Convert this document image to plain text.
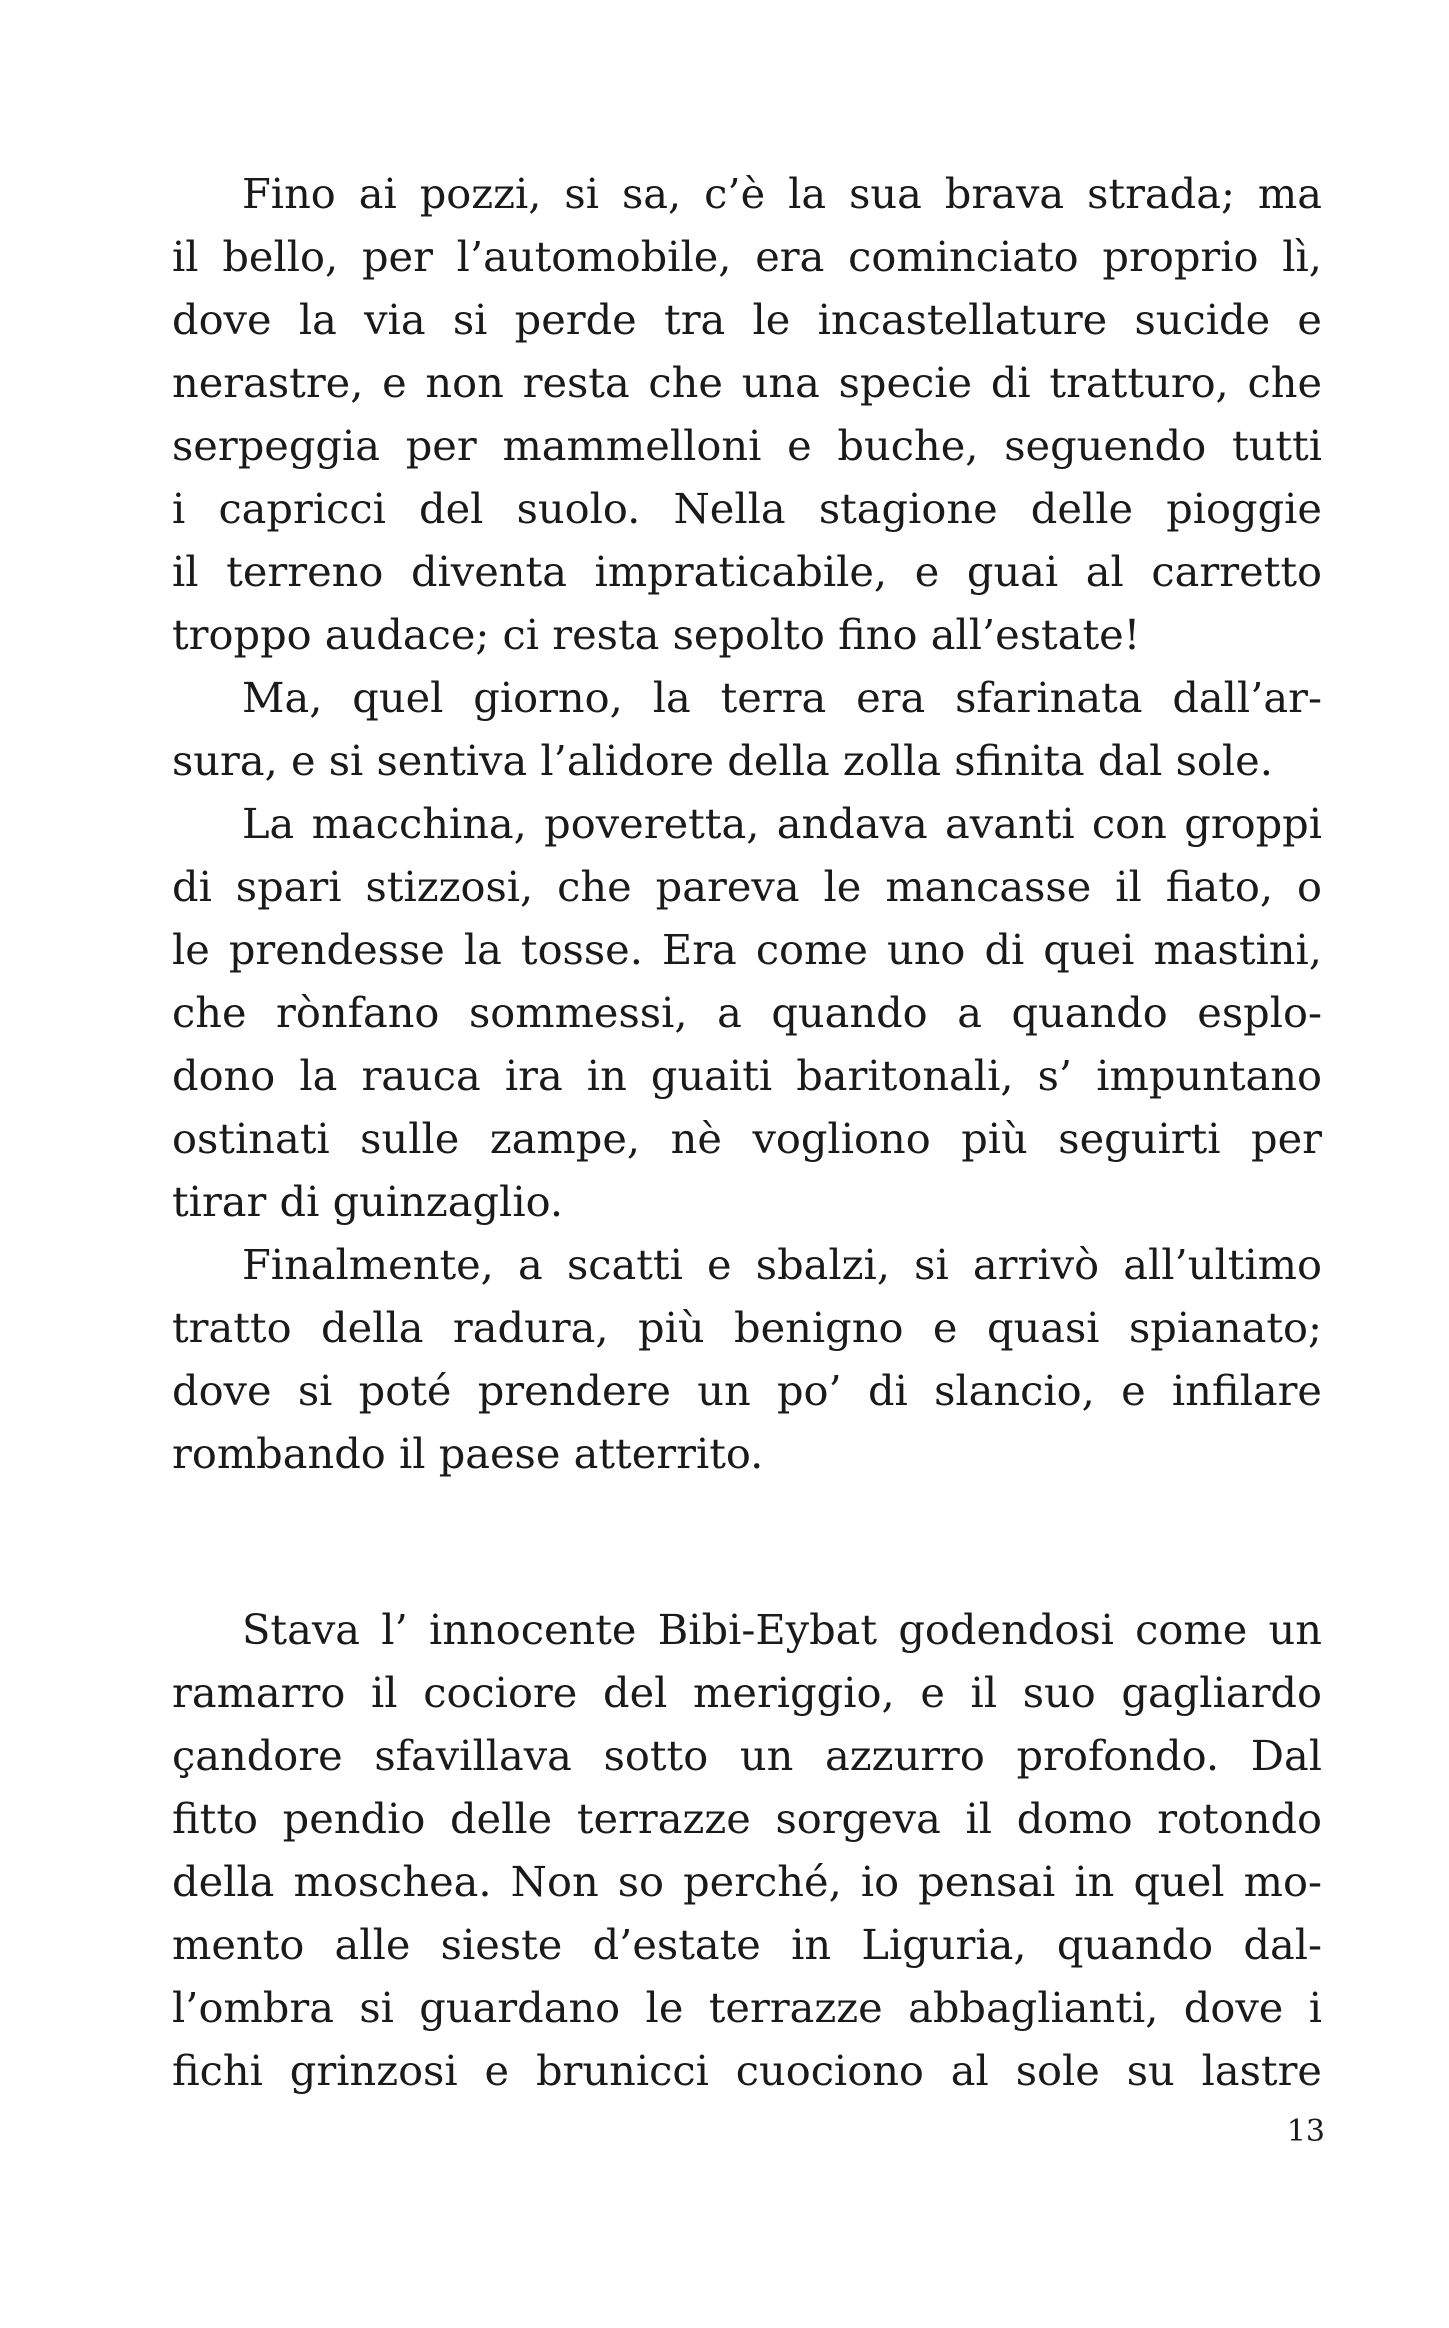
Fino ai pozzi, si sa, c’è la sua brava strada; ma
il bello, per l’automobile, era cominciato proprio lì,
dove la via si perde tra le incastellature sucide e
nerastre, e non resta che una specie di tratturo, che
serpeggia per mammelloni e buche, seguendo tutti
i capricci del suolo. Nella stagione delle pioggie
il terreno diventa impraticabile, e guai al carretto
troppo audace; ci resta sepolto fino all’estate!
Ma, quel giorno, la terra era sfarinata dall’ar-
sura, e si sentiva l’alidore della zolla sfinita dal sole.
La macchina, poveretta, andava avanti con groppi
di spari stizzosi, che pareva le mancasse il fiato, o
le prendesse la tosse. Era come uno di quei mastini,
che rònfano sommessi, a quando a quando esplo-
dono la rauca ira in guaiti baritonali, s’ impuntano
ostinati sulle zampe, nè vogliono più seguirti per
tirar di guinzaglio.
Finalmente, a scatti e sbalzi, si arrivò all’ultimo
tratto della radura, più benigno e quasi spianato;
dove si poté prendere un po’ di slancio, e infilare
rombando il paese atterrito.
Stava l’ innocente Bibi-Eybat godendosi come un
ramarro il cociore del meriggio, e il suo gagliardo
çandore sfavillava sotto un azzurro profondo. Dal
fitto pendio delle terrazze sorgeva il domo rotondo
della moschea. Non so perché, io pensai in quel mo-
mento alle sieste d’estate in Liguria, quando dal-
l’ombra si guardano le terrazze abbaglianti, dove i
fichi grinzosi e brunicci cuociono al sole su lastre
13
